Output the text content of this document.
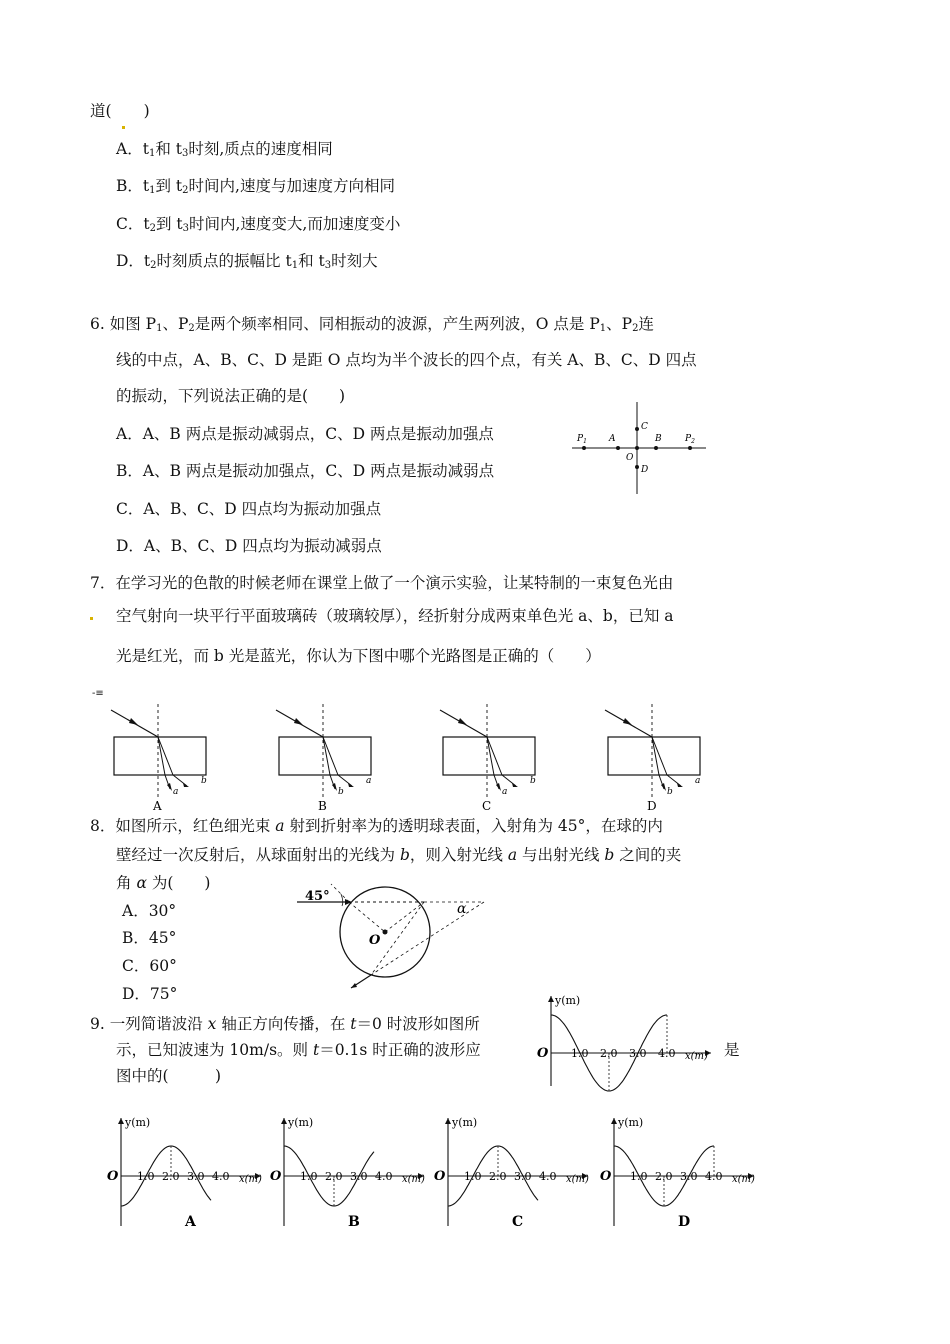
道( )
A．$t_1$和 $t_3$时刻,质点的速度相同
B．$t_1$到 $t_2$时间内,速度与加速度方向相同
C．$t_2$到 $t_3$时间内,速度变大,而加速度变小
D．$t_2$时刻质点的振幅比 $t_1$和 $t_3$时刻大
6. 如图 $P_1$、$P_2$是两个频率相同、同相振动的波源，产生两列波，O 点是 $P_1$、$P_2$连
线的中点，A、B、C、D 是距 O 点均为半个波长的四个点，有关 A、B、C、D 四点
的振动，下列说法正确的是(　　)
A．A、B 两点是振动减弱点，C、D 两点是振动加强点
B．A、B 两点是振动加强点，C、D 两点是振动减弱点
C．A、B、C、D 四点均为振动加强点
D．A、B、C、D 四点均为振动减弱点
$P_1$ A
C
B	$P_2$
O
D
7．在学习光的色散的时候老师在课堂上做了一个演示实验，让某特制的一束复色光由
空气射向一块平行平面玻璃砖（玻璃较厚），经折射分成两束单色光 a、b，已知 a
光是红光，而 b 光是蓝光，你认为下图中哪个光路图是正确的（　　）
-≡
a
b
A
b
a
B
a
b
C
b
a
D
8．如图所示，红色细光束 a 射到折射率为的透明球表面，入射角为 45°，在球的内
壁经过一次反射后，从球面射出的光线为 b，则入射光线 a 与出射光线 b 之间的夹
角 α 为(　　)
A．30°
B．45°
C．60°
D．75°
45°
α
O
9. 一列简谐波沿 x 轴正方向传播，在 t＝0 时波形如图所
示，已知波速为 10m/s。则 t＝0.1s 时正确的波形应
图中的(　　　)
是
1.0 2.0 3.0 4.0
O
y(m)
x(m)
1.0 2.0 3.0 4.0
O
y(m)
x(m)
A
1.0 2.0 3.0 4.0
O
y(m)
x(m)
B
1.0 2.0 3.0 4.0
O
y(m)
x(m)
C
1.0 2.0 3.0 4.0
O
y(m)
x(m)
D
